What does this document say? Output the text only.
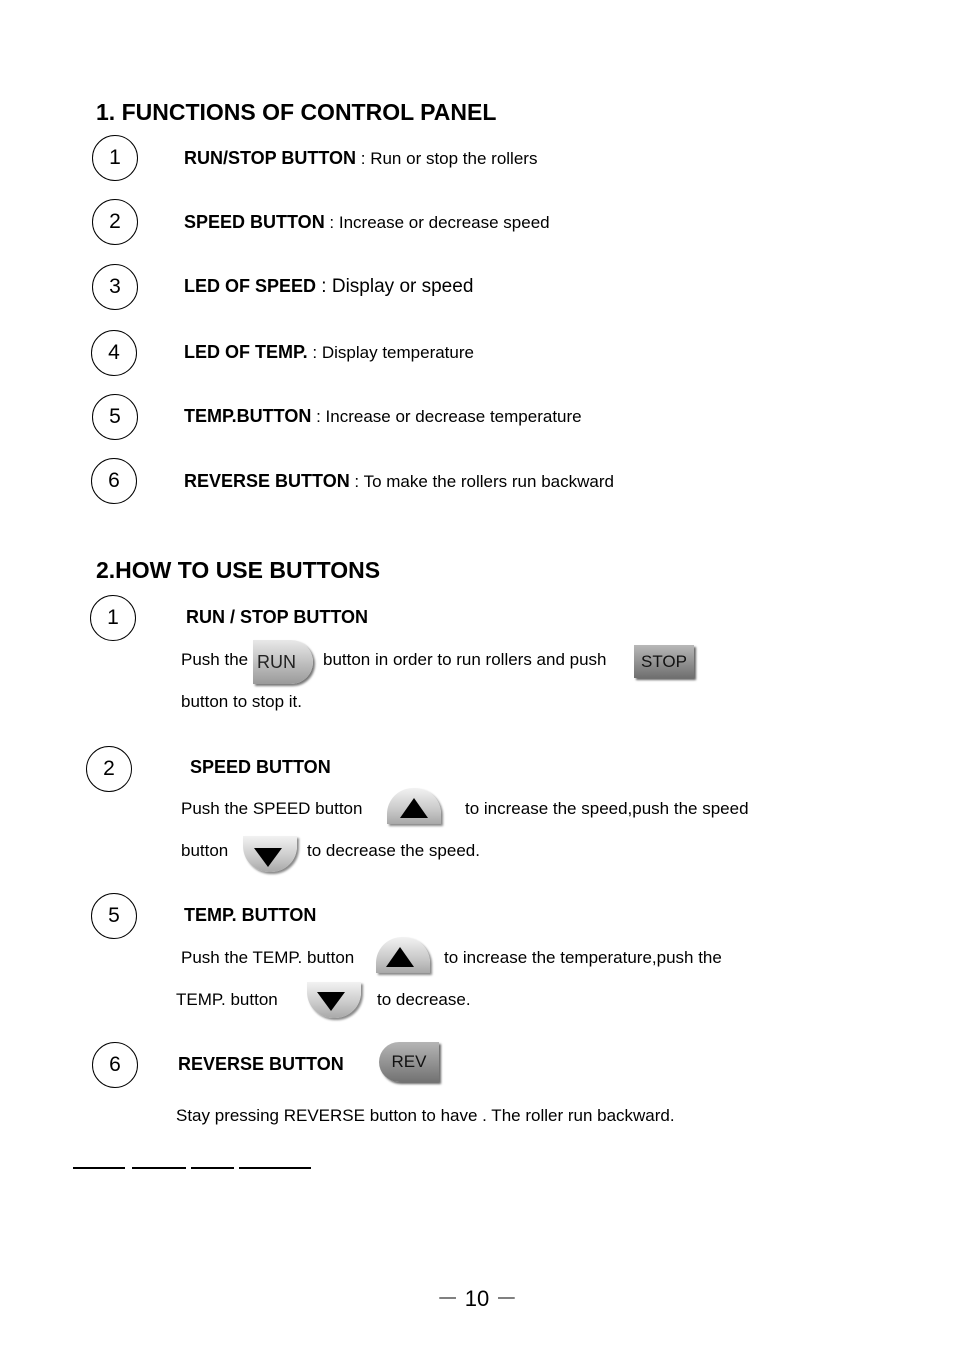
1. FUNCTIONS OF CONTROL PANEL
1	RUN/STOP BUTTON : Run or stop the rollers
2	SPEED BUTTON : Increase or decrease speed
3	LED OF SPEED : Display or speed
4	LED OF TEMP. : Display temperature
5	TEMP.BUTTON : Increase or decrease temperature
6	REVERSE BUTTON : To make the rollers run backward
2.HOW TO USE BUTTONS
1	RUN / STOP BUTTON
Push the RUN button in order to run rollers and push STOP
button to stop it.
2	SPEED BUTTON
Push the SPEED button	to increase the speed,push the speed
button	to decrease the speed.
5	TEMP. BUTTON
Push the TEMP. button	to increase the temperature,push the
TEMP. button	to decrease.
6	REVERSE BUTTON	REV
Stay pressing REVERSE button to have . The roller run backward.
－ 10 －
